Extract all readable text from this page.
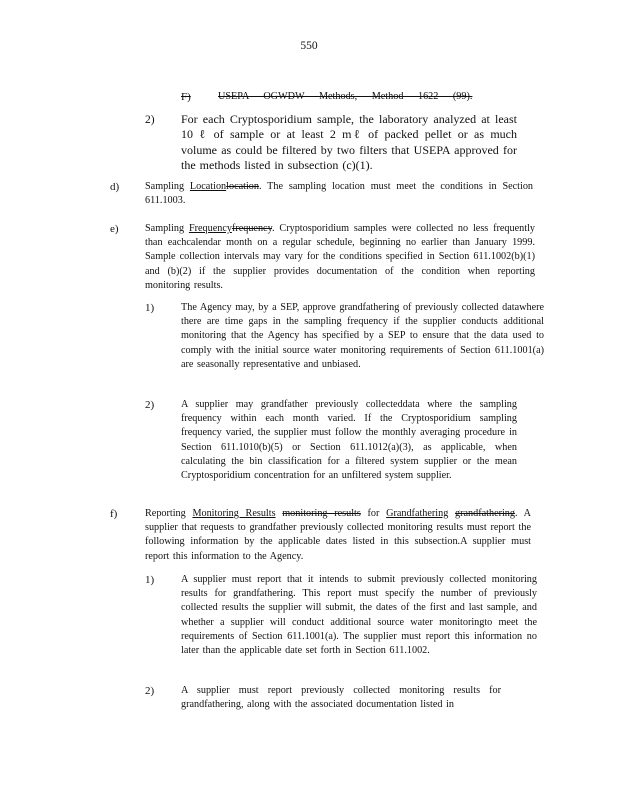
550
F)	USEPA OGWDW Methods, Method 1622 (99).
2) For each Cryptosporidium sample, the laboratory analyzed at least 10 ℓ of sample or at least 2 mℓ of packed pellet or as much volume as could be filtered by two filters that USEPA approved for the methods listed in subsection (c)(1).
d)	Sampling Locationlocation. The sampling location must meet the conditions in Section 611.1003.
e)	Sampling Frequencyfrequency. Cryptosporidium samples were collected no less frequently than eachcalendar month on a regular schedule, beginning no earlier than January 1999. Sample collection intervals may vary for the conditions specified in Section 611.1002(b)(1) and (b)(2) if the supplier provides documentation of the condition when reporting monitoring results.
1)	The Agency may, by a SEP, approve grandfathering of previously collected datawhere there are time gaps in the sampling frequency if the supplier conducts additional monitoring that the Agency has specified by a SEP to ensure that the data used to comply with the initial source water monitoring requirements of Section 611.1001(a) are seasonally representative and unbiased.
2)	A supplier may grandfather previously collecteddata where the sampling frequency within each month varied. If the Cryptosporidium sampling frequency varied, the supplier must follow the monthly averaging procedure in Section 611.1010(b)(5) or Section 611.1012(a)(3), as applicable, when calculating the bin classification for a filtered system supplier or the mean Cryptosporidium concentration for an unfiltered system supplier.
f)	Reporting Monitoring Results monitoring results for Grandfathering grandfathering. A supplier that requests to grandfather previously collected monitoring results must report the following information by the applicable dates listed in this subsection.A supplier must report this information to the Agency.
1)	A supplier must report that it intends to submit previously collected monitoring results for grandfathering. This report must specify the number of previously collected results the supplier will submit, the dates of the first and last sample, and whether a supplier will conduct additional source water monitoringto meet the requirements of Section 611.1001(a). The supplier must report this information no later than the applicable date set forth in Section 611.1002.
2)	A supplier must report previously collected monitoring results for grandfathering, along with the associated documentation listed in
